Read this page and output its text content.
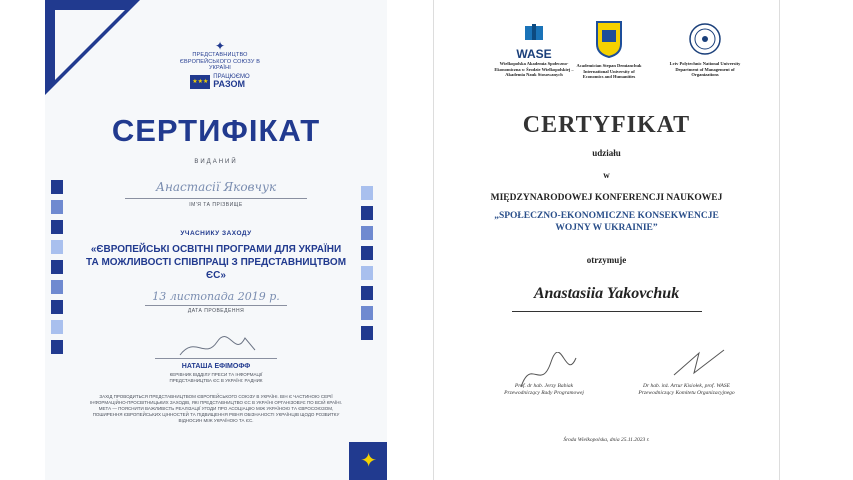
✦
ПРЕДСТАВНИЦТВО ЄВРОПЕЙСЬКОГО СОЮЗУ В УКРАЇНІ
★★★
ПРАЦЮЄМО
РАЗОМ
СЕРТИФІКАТ
ВИДАНИЙ
Анастасії Яковчук
ІМ'Я ТА ПРІЗВИЩЕ
УЧАСНИКУ ЗАХОДУ
«ЄВРОПЕЙСЬКІ ОСВІТНІ ПРОГРАМИ ДЛЯ УКРАЇНИ ТА МОЖЛИВОСТІ СПІВПРАЦІ З ПРЕДСТАВНИЦТВОМ ЄС»
13 листопада 2019 р.
ДАТА ПРОВЕДЕННЯ
НАТАША ЕФІМОФФ
КЕРІВНИК ВІДДІЛУ ПРЕСИ ТА ІНФОРМАЦІЇ ПРЕДСТАВНИЦТВА ЄС В УКРАЇНІ: РАДНИК
ЗАХІД ПРОВОДИТЬСЯ ПРЕДСТАВНИЦТВОМ ЄВРОПЕЙСЬКОГО СОЮЗУ В УКРАЇНІ. ВІН Є ЧАСТИНОЮ СЕРІЇ ІНФОРМАЦІЙНО-ПРОСВІТНИЦЬКИХ ЗАХОДІВ, ЯКІ ПРЕДСТАВНИЦТВО ЄС В УКРАЇНІ ОРГАНІЗОВУЄ ПО ВСІЙ КРАЇНІ. МЕТА — ПОЯСНИТИ ВАЖЛИВІСТЬ РЕАЛІЗАЦІЇ УГОДИ ПРО АСОЦІАЦІЮ МІЖ УКРАЇНОЮ ТА ЄВРОСОЮЗОМ, ПОШИРЕННЯ ЄВРОПЕЙСЬКИХ ЦІННОСТЕЙ ТА ПІДВИЩЕННЯ РІВНЯ ОБІЗНАНОСТІ УКРАЇНЦІВ ЩОДО РОЗВИТКУ ВІДНОСИН МІЖ УКРАЇНОЮ ТА ЄС.
✦
WASE
Wielkopolska Akademia Społeczno-Ekonomiczna w Środzie Wielkopolskiej – Akademia Nauk Stosowanych
Academician Stepan Demianchuk International University of Economics and Humanities
Lviv Polytechnic National University Department of Management of Organizations
CERTYFIKAT
udziału
w
MIĘDZYNARODOWEJ KONFERENCJI NAUKOWEJ
„SPOŁECZNO-EKONOMICZNE KONSEKWENCJE
WOJNY W UKRAINIE”
otrzymuje
Anastasiia Yakovchuk
Prof. dr hab. Jerzy Babiak
Przewodniczący Rady Programowej
Dr hab. inż. Artur Kisiołek, prof. WASE
Przewodniczący Komitetu Organizacyjnego
Środa Wielkopolska, dnia 25.11.2023 r.
